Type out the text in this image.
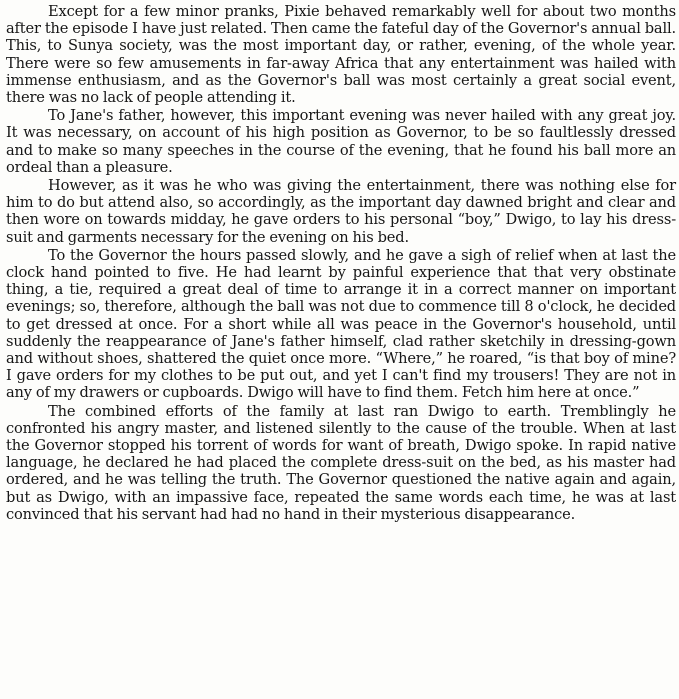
Except for a few minor pranks, Pixie behaved remarkably well for about two months after the episode I have just related. Then came the fateful day of the Governor's annual ball. This, to Sunya society, was the most important day, or rather, evening, of the whole year. There were so few amusements in far-away Africa that any entertainment was hailed with immense enthusiasm, and as the Governor's ball was most certainly a great social event, there was no lack of people attending it.

To Jane's father, however, this important evening was never hailed with any great joy. It was necessary, on account of his high position as Governor, to be so faultlessly dressed and to make so many speeches in the course of the evening, that he found his ball more an ordeal than a pleasure.

However, as it was he who was giving the entertainment, there was nothing else for him to do but attend also, so accordingly, as the important day dawned bright and clear and then wore on towards midday, he gave orders to his personal “boy,” Dwigo, to lay his dress-suit and garments necessary for the evening on his bed.

To the Governor the hours passed slowly, and he gave a sigh of relief when at last the clock hand pointed to five. He had learnt by painful experience that that very obstinate thing, a tie, required a great deal of time to arrange it in a correct manner on important evenings; so, therefore, although the ball was not due to commence till 8 o'clock, he decided to get dressed at once. For a short while all was peace in the Governor's household, until suddenly the reappearance of Jane's father himself, clad rather sketchily in dressing-gown and without shoes, shattered the quiet once more. “Where,” he roared, “is that boy of mine? I gave orders for my clothes to be put out, and yet I can't find my trousers! They are not in any of my drawers or cupboards. Dwigo will have to find them. Fetch him here at once.”

The combined efforts of the family at last ran Dwigo to earth. Tremblingly he confronted his angry master, and listened silently to the cause of the trouble. When at last the Governor stopped his torrent of words for want of breath, Dwigo spoke. In rapid native language, he declared he had placed the complete dress-suit on the bed, as his master had ordered, and he was telling the truth. The Governor questioned the native again and again, but as Dwigo, with an impassive face, repeated the same words each time, he was at last convinced that his servant had had no hand in their mysterious disappearance.
